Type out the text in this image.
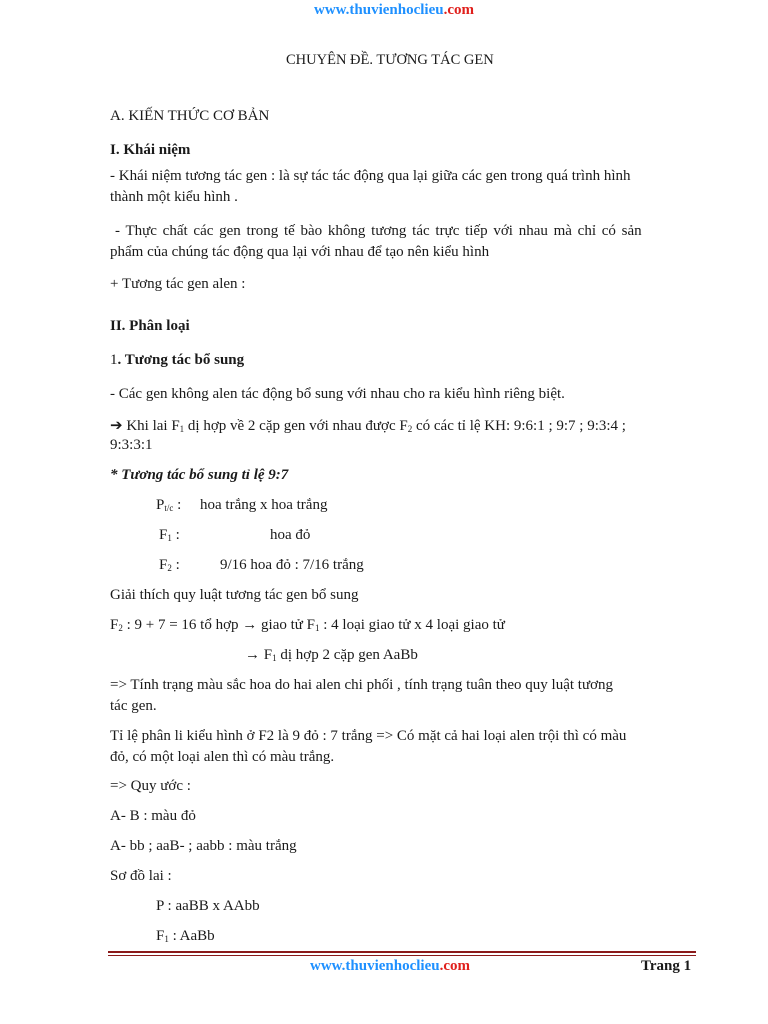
www.thuvienhoclieu.com
CHUYÊN ĐỀ. TƯƠNG TÁC GEN
A. KIẾN THỨC CƠ BẢN
I. Khái niệm
- Khái niệm tương tác gen : là sự tác tác động qua lại giữa các gen trong quá trình hình
thành một kiểu hình .
- Thực chất các gen trong tế bào không tương tác trực tiếp với nhau mà chỉ có sản
phẩm của chúng tác động qua lại với nhau để tạo nên kiểu hình
+ Tương tác gen alen :
II. Phân loại
1. Tương tác bổ sung
- Các gen không alen tác động bổ sung với nhau cho ra kiểu hình riêng biệt.
➔ Khi lai $F_1$ dị hợp về 2 cặp gen với nhau được $F_2$ có các tỉ lệ KH: 9:6:1 ; 9:7 ; 9:3:4 ;
9:3:3:1
* Tương tác bổ sung tỉ lệ 9:7
$P_{t/c}$ : hoa trắng x hoa trắng
$F_1$ :	hoa đỏ
$F_2$ :	9/16 hoa đỏ : 7/16 trắng
Giải thích quy luật tương tác gen bổ sung
$F_2$ : 9 + 7 = 16 tổ hợp → giao tử $F_1$ : 4 loại giao tử x 4 loại giao tử
→ $F_1$ dị hợp 2 cặp gen AaBb
=> Tính trạng màu sắc hoa do hai alen chi phối , tính trạng tuân theo quy luật tương
tác gen.
Tỉ lệ phân li kiểu hình ở F2 là 9 đỏ : 7 trắng => Có mặt cả hai loại alen trội thì có màu
đỏ, có một loại alen thì có màu trắng.
=> Quy ước :
A- B : màu đỏ
A- bb ; aaB- ; aabb : màu trắng
Sơ đồ lai :
P : aaBB x AAbb
$F_1$ : AaBb
www.thuvienhoclieu.com	Trang 1
